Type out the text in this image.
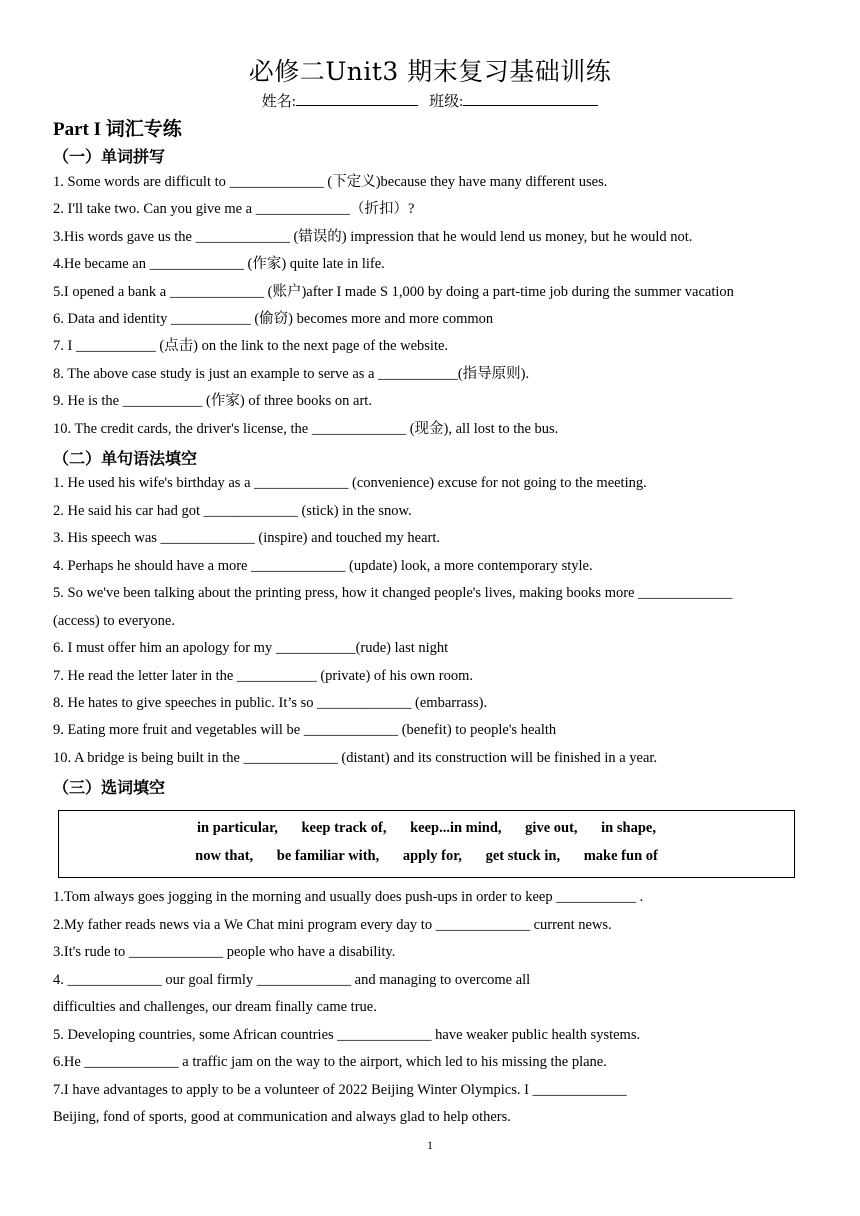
必修二Unit3 期末复习基础训练
姓名:	班级:
Part I 词汇专练
（一）单词拼写
1. Some words are difficult to _____________ (下定义)because they have many different uses.
2. I'll take two. Can you give me a _____________（折扣）?
3.His words gave us the _____________ (错误的) impression that he would lend us money, but he would not.
4.He became an _____________ (作家) quite late in life.
5.I opened a bank a _____________ (账户)after I made S 1,000 by doing a part-time job during the summer vacation
6. Data and identity ___________ (偷窃) becomes more and more common
7. I ___________ (点击) on the link to the next page of the website.
8. The above case study is just an example to serve as a ___________(指导原则).
9. He is the ___________ (作家) of three books on art.
10. The credit cards, the driver's license, the _____________ (现金), all lost to the bus.
（二）单句语法填空
1. He used his wife's birthday as a _____________ (convenience) excuse for not going to the meeting.
2. He said his car had got _____________ (stick) in the snow.
3. His speech was _____________ (inspire) and touched my heart.
4. Perhaps he should have a more _____________ (update) look, a more contemporary style.
5. So we've been talking about the printing press, how it changed people's lives, making books more _____________
(access) to everyone.
6. I must offer him an apology for my ___________(rude) last night
7. He read the letter later in the ___________ (private) of his own room.
8. He hates to give speeches in public. It’s so _____________ (embarrass).
9. Eating more fruit and vegetables will be _____________ (benefit) to people's health
10. A bridge is being built in the _____________ (distant) and its construction will be finished in a year.
（三）选词填空
in particular, keep track of, keep...in mind, give out, in shape,
now that, be familiar with, apply for, get stuck in, make fun of
1.Tom always goes jogging in the morning and usually does push-ups in order to keep ___________ .
2.My father reads news via a We Chat mini program every day to _____________ current news.
3.It's rude to _____________ people who have a disability.
4. _____________ our goal firmly _____________ and managing to overcome all
difficulties and challenges, our dream finally came true.
5. Developing countries, some African countries _____________ have weaker public health systems.
6.He _____________ a traffic jam on the way to the airport, which led to his missing the plane.
7.I have advantages to apply to be a volunteer of 2022 Beijing Winter Olympics. I _____________
Beijing, fond of sports, good at communication and always glad to help others.
1
